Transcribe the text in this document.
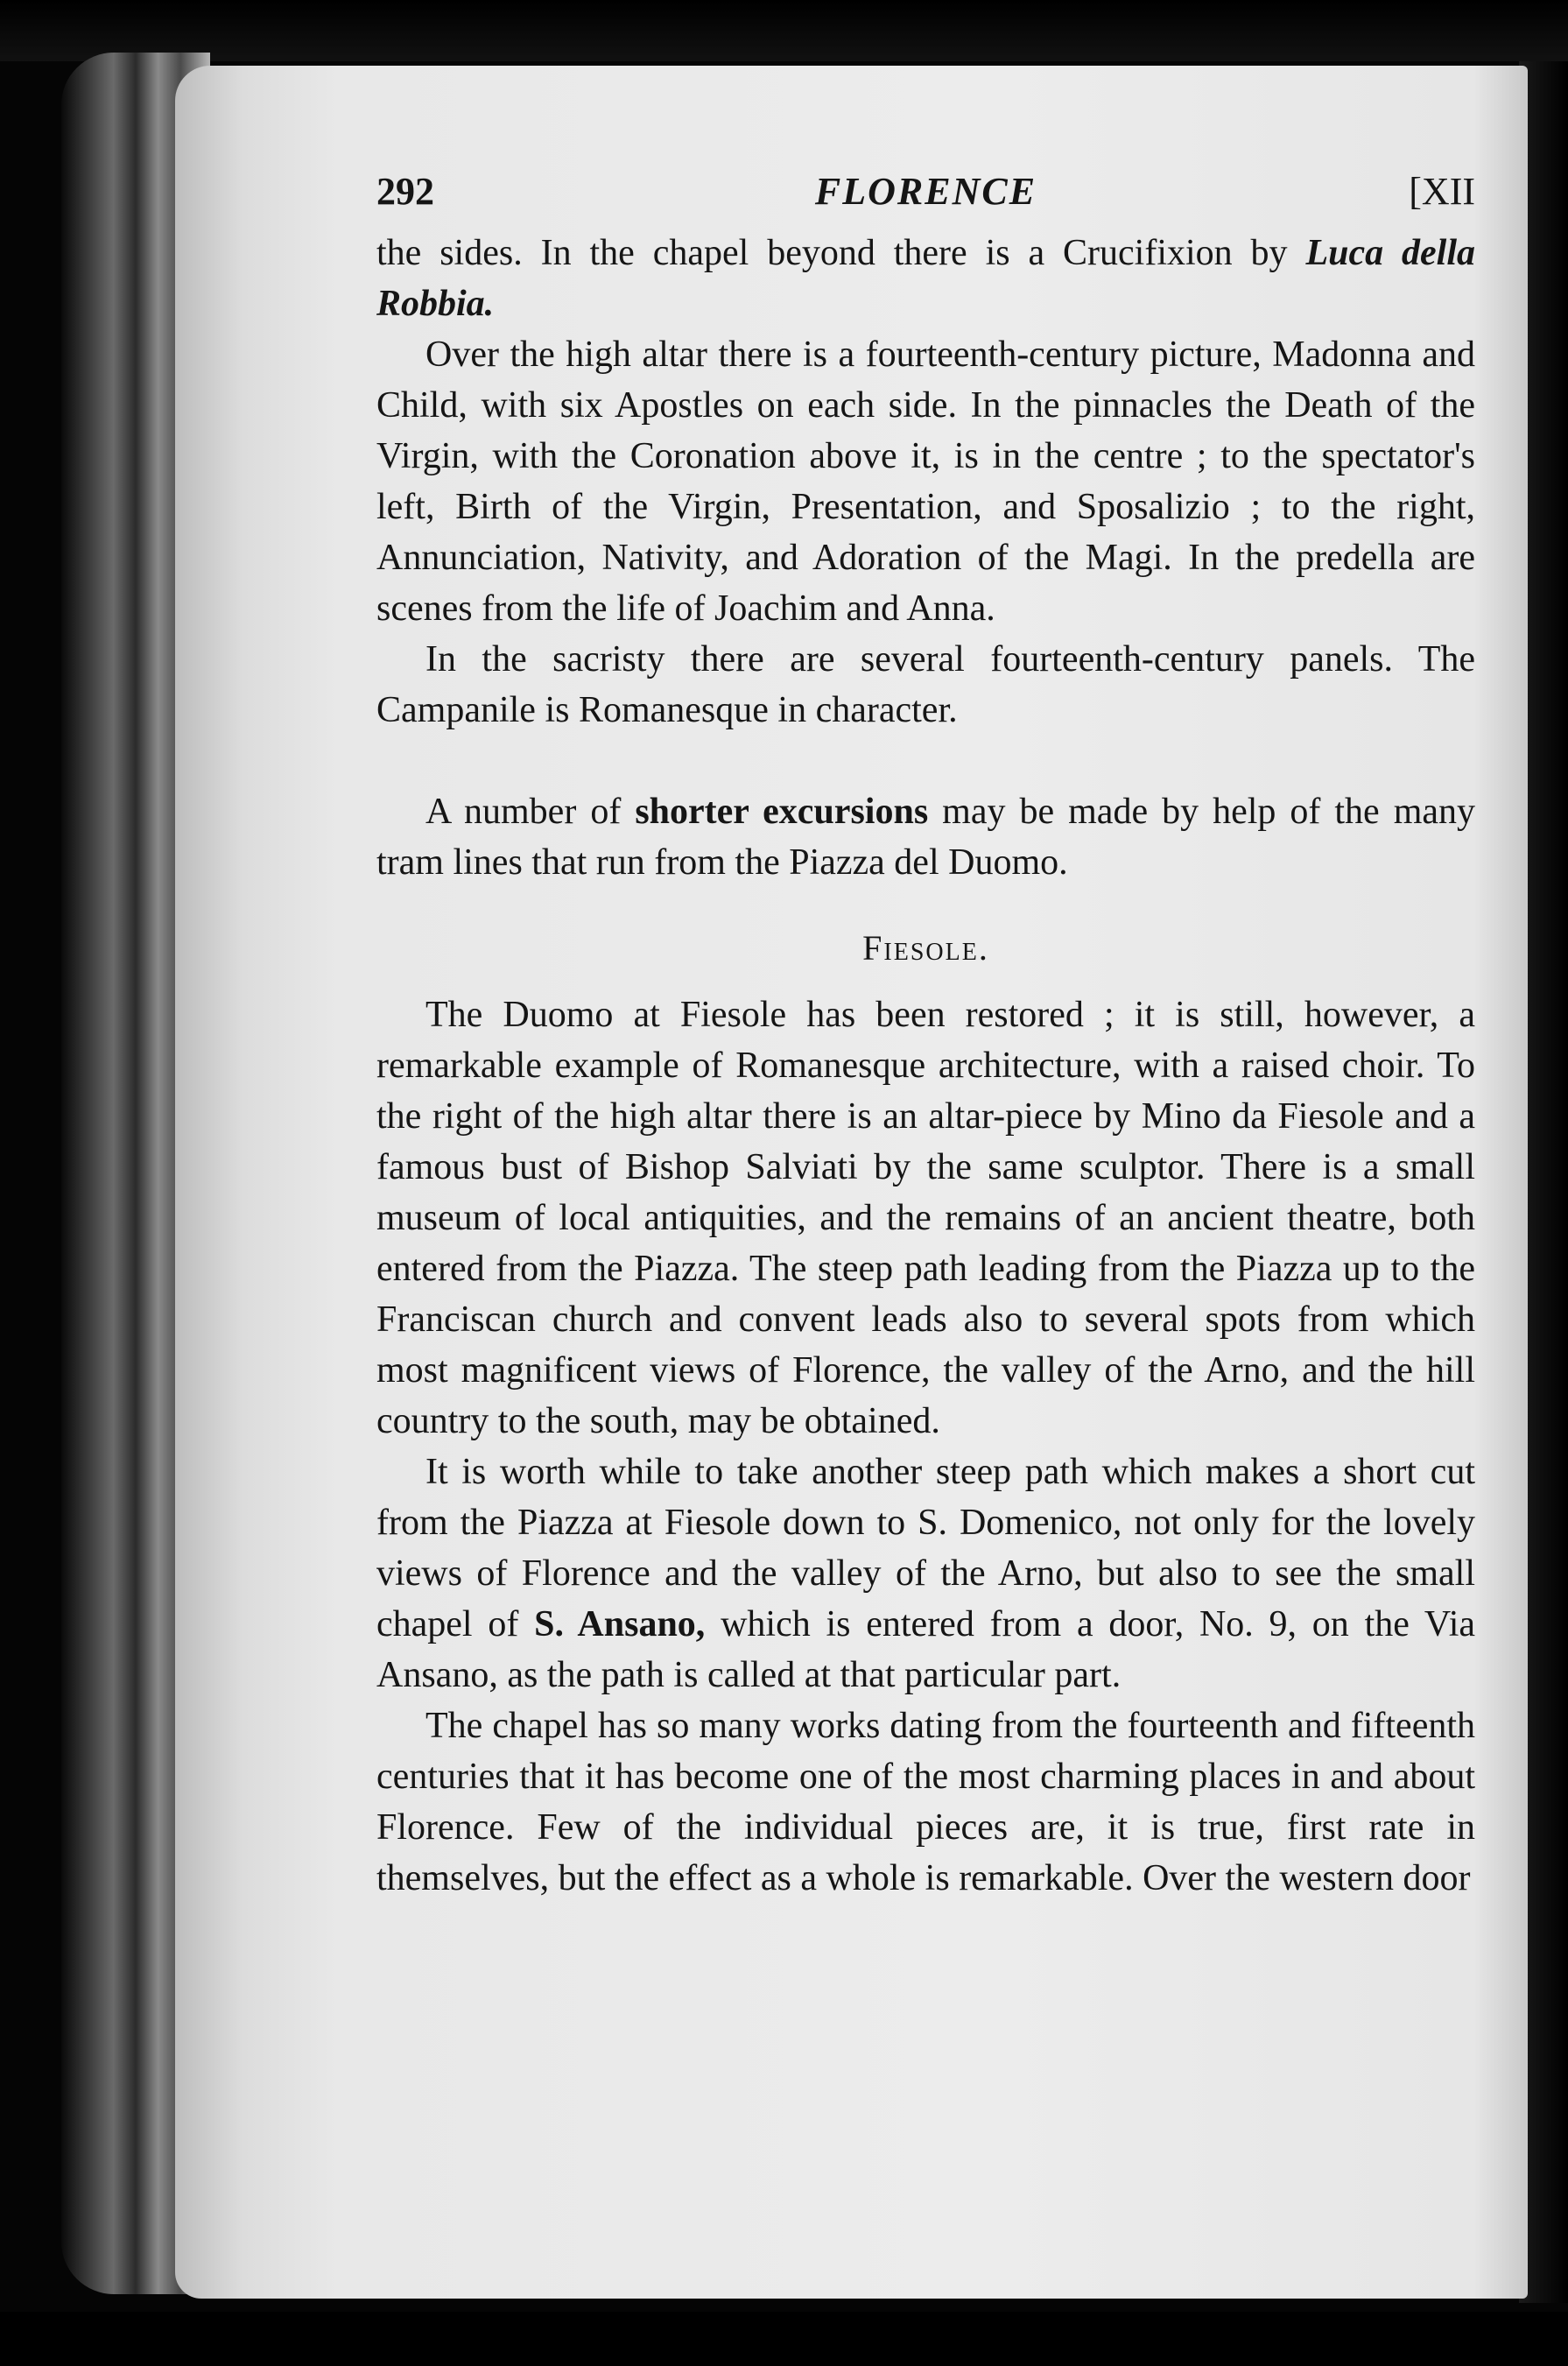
292	FLORENCE	[XII

the sides. In the chapel beyond there is a Crucifixion by Luca della Robbia.

Over the high altar there is a fourteenth-century picture, Madonna and Child, with six Apostles on each side. In the pinnacles the Death of the Virgin, with the Coronation above it, is in the centre ; to the spectator's left, Birth of the Virgin, Presentation, and Sposalizio ; to the right, Annunciation, Nativity, and Adoration of the Magi. In the predella are scenes from the life of Joachim and Anna.

In the sacristy there are several fourteenth-century panels. The Campanile is Romanesque in character.

A number of shorter excursions may be made by help of the many tram lines that run from the Piazza del Duomo.

Fiesole.

The Duomo at Fiesole has been restored ; it is still, however, a remarkable example of Romanesque architecture, with a raised choir. To the right of the high altar there is an altar-piece by Mino da Fiesole and a famous bust of Bishop Salviati by the same sculptor. There is a small museum of local antiquities, and the remains of an ancient theatre, both entered from the Piazza. The steep path leading from the Piazza up to the Franciscan church and convent leads also to several spots from which most magnificent views of Florence, the valley of the Arno, and the hill country to the south, may be obtained.

It is worth while to take another steep path which makes a short cut from the Piazza at Fiesole down to S. Domenico, not only for the lovely views of Florence and the valley of the Arno, but also to see the small chapel of S. Ansano, which is entered from a door, No. 9, on the Via Ansano, as the path is called at that particular part.

The chapel has so many works dating from the fourteenth and fifteenth centuries that it has become one of the most charming places in and about Florence. Few of the individual pieces are, it is true, first rate in themselves, but the effect as a whole is remarkable. Over the western door
